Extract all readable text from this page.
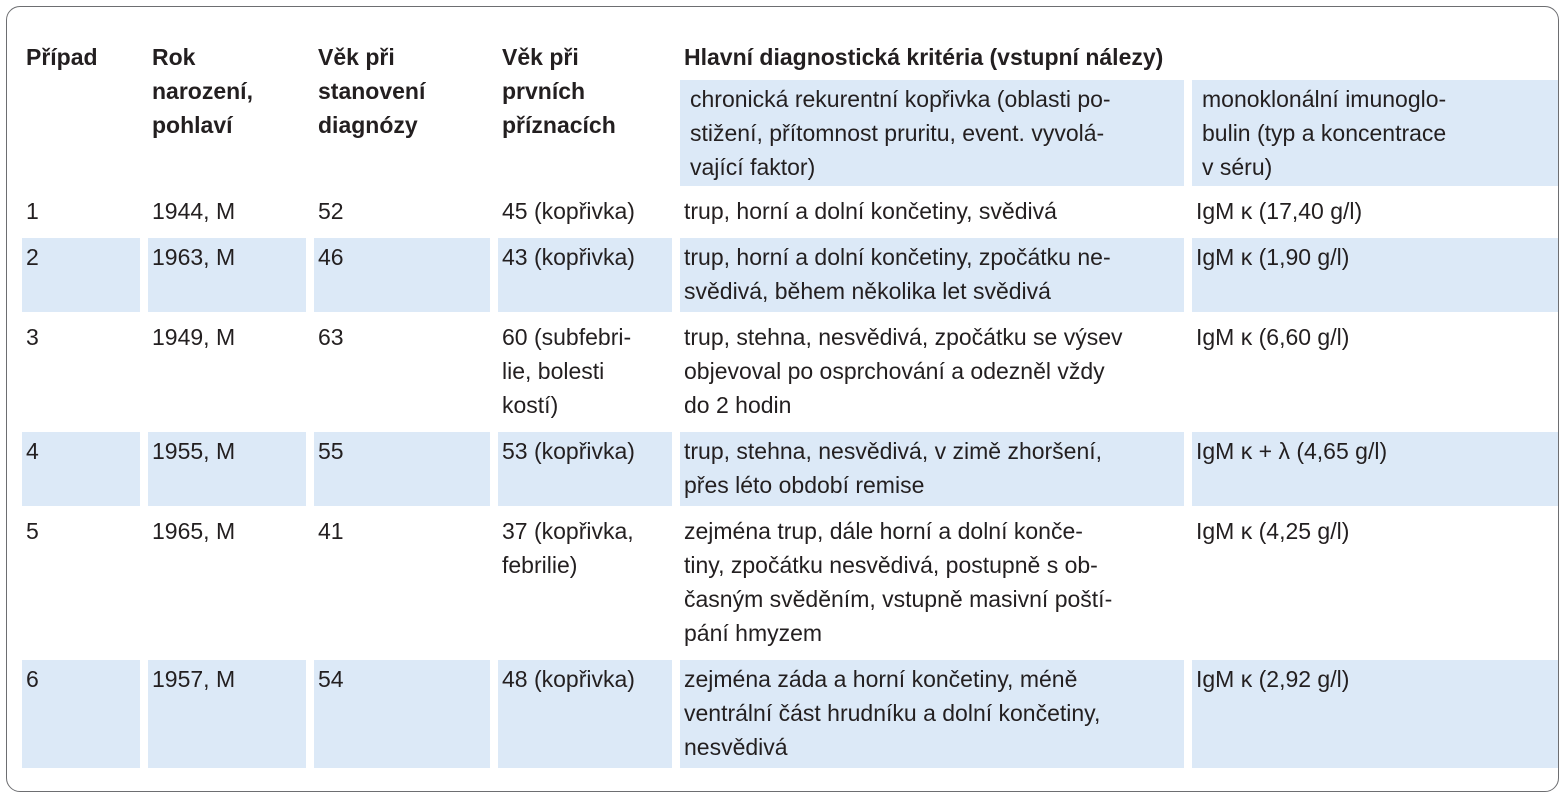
Případ	Rok
narození,
pohlaví	Věk při
stanovení
diagnózy	Věk při
prvních
příznacích	Hlavní diagnostická kritéria (vstupní nálezy)	
				chronická rekurentní kopřivka (oblasti po-
stižení, přítomnost pruritu, event. vyvolá-
vající faktor)	monoklonální imunoglo-
bulin (typ a koncentrace
v séru)
1	1944, M	52	45 (kopřivka)	trup, horní a dolní končetiny, svědivá	IgM κ (17,40 g/l)
2	1963, M	46	43 (kopřivka)	trup, horní a dolní končetiny, zpočátku ne-
svědivá, během několika let svědivá	IgM κ (1,90 g/l)
3	1949, M	63	60 (subfebri-
lie, bolesti
kostí)	trup, stehna, nesvědivá, zpočátku se výsev
objevoval po osprchování a odezněl vždy
do 2 hodin	IgM κ (6,60 g/l)
4	1955, M	55	53 (kopřivka)	trup, stehna, nesvědivá, v zimě zhoršení,
přes léto období remise	IgM κ + λ (4,65 g/l)
5	1965, M	41	37 (kopřivka,
febrilie)	zejména trup, dále horní a dolní konče-
tiny, zpočátku nesvědivá, postupně s ob-
časným svěděním, vstupně masivní poští-
pání hmyzem	IgM κ (4,25 g/l)
6	1957, M	54	48 (kopřivka)	zejména záda a horní končetiny, méně
ventrální část hrudníku a dolní končetiny,
nesvědivá	IgM κ (2,92 g/l)
